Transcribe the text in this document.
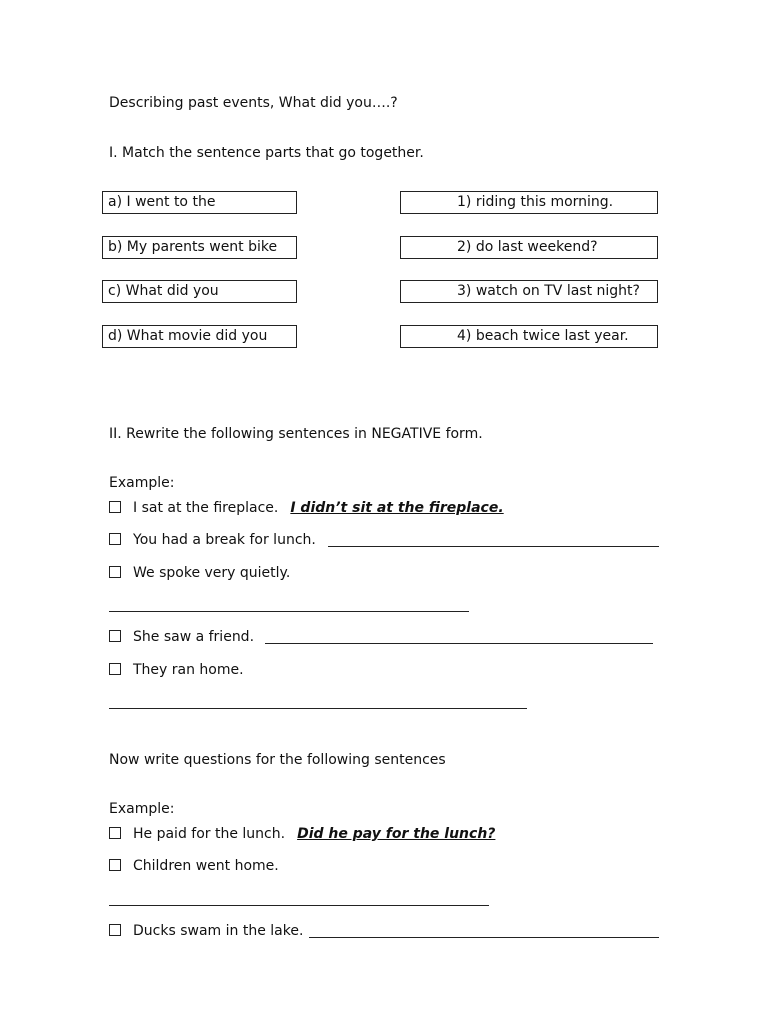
Describing past events, What did you….?
I. Match the sentence parts that go together.
a) I went to the	1) riding this morning.
b) My parents went bike	2) do last weekend?
c) What did you	3) watch on TV last night?
d) What movie did you	4) beach twice last year.
II. Rewrite the following sentences in NEGATIVE form.
Example:
I sat at the fireplace. I didn’t sit at the fireplace.
You had a break for lunch.
We spoke very quietly.
She saw a friend.
They ran home.
Now write questions for the following sentences
Example:
He paid for the lunch. Did he pay for the lunch?
Children went home.
Ducks swam in the lake.
